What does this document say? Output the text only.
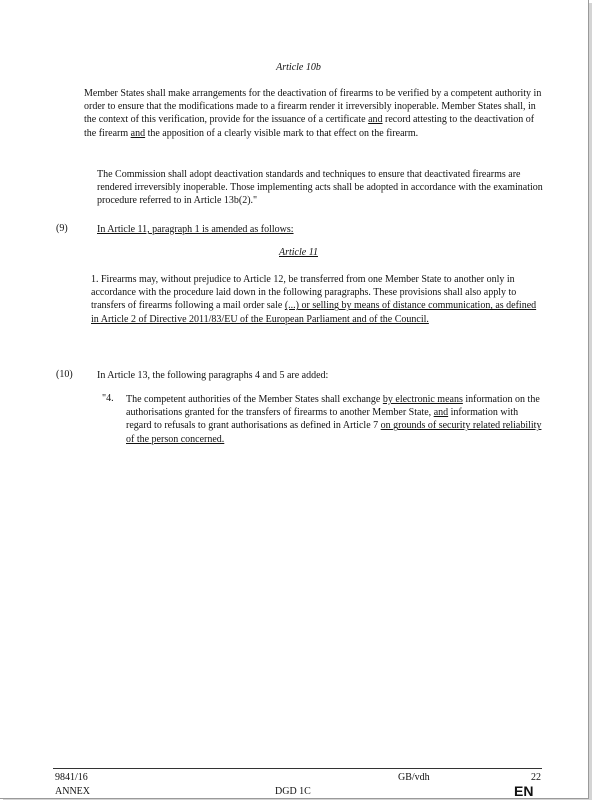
Article 10b

Member States shall make arrangements for the deactivation of firearms to be verified by a competent authority in order to ensure that the modifications made to a firearm render it irreversibly inoperable. Member States shall, in the context of this verification, provide for the issuance of a certificate and record attesting to the deactivation of the firearm and the apposition of a clearly visible mark to that effect on the firearm.

The Commission shall adopt deactivation standards and techniques to ensure that deactivated firearms are rendered irreversibly inoperable. Those implementing acts shall be adopted in accordance with the examination procedure referred to in Article 13b(2)."

(9)	In Article 11, paragraph 1 is amended as follows:
Article 11

1. Firearms may, without prejudice to Article 12, be transferred from one Member State to another only in accordance with the procedure laid down in the following paragraphs. These provisions shall also apply to transfers of firearms following a mail order sale (...) or selling by means of distance communication, as defined in Article 2 of Directive 2011/83/EU of the European Parliament and of the Council.

(10) In Article 13, the following paragraphs 4 and 5 are added:
"4. The competent authorities of the Member States shall exchange by electronic means information on the authorisations granted for the transfers of firearms to another Member State, and information with regard to refusals to grant authorisations as defined in Article 7 on grounds of security related reliability of the person concerned.

9841/16	GB/vdh	22
ANNEX	DGD 1C	EN
